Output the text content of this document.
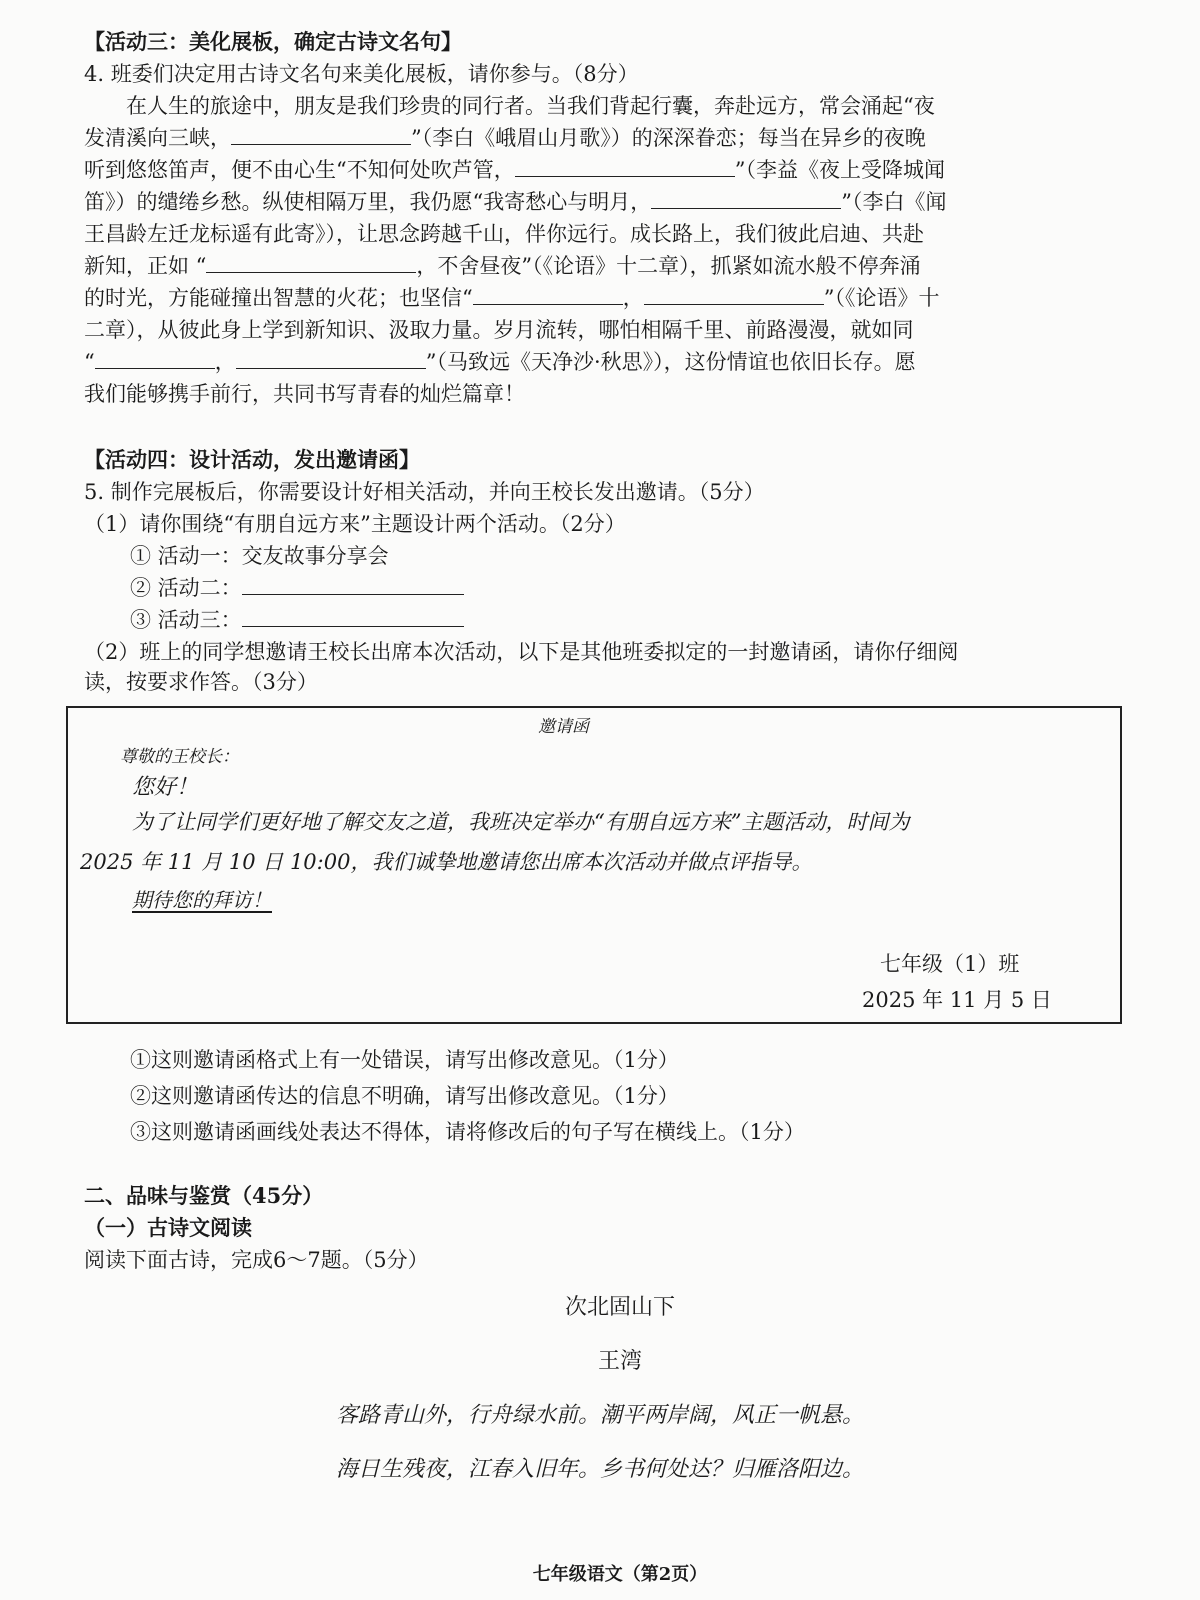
【活动三：美化展板，确定古诗文名句】
4. 班委们决定用古诗文名句来美化展板，请你参与。（8分）
在人生的旅途中，朋友是我们珍贵的同行者。当我们背起行囊，奔赴远方，常会涌起“夜
发清溪向三峡，	”（李白《峨眉山月歌》）的深深眷恋；每当在异乡的夜晚
听到悠悠笛声，便不由心生“不知何处吹芦管，	”（李益《夜上受降城闻
笛》）的缱绻乡愁。纵使相隔万里，我仍愿“我寄愁心与明月，	”（李白《闻
王昌龄左迁龙标遥有此寄》），让思念跨越千山，伴你远行。成长路上，我们彼此启迪、共赴
新知，正如 “	，不舍昼夜”（《论语》十二章），抓紧如流水般不停奔涌
的时光，方能碰撞出智慧的火花；也坚信“	，	”（《论语》十
二章），从彼此身上学到新知识、汲取力量。岁月流转，哪怕相隔千里、前路漫漫，就如同
“	，	”（马致远《天净沙·秋思》），这份情谊也依旧长存。愿
我们能够携手前行，共同书写青春的灿烂篇章！
【活动四：设计活动，发出邀请函】
5. 制作完展板后，你需要设计好相关活动，并向王校长发出邀请。（5分）
（1）请你围绕“有朋自远方来”主题设计两个活动。（2分）
① 活动一：交友故事分享会
② 活动二：
③ 活动三：
（2）班上的同学想邀请王校长出席本次活动，以下是其他班委拟定的一封邀请函，请你仔细阅
读，按要求作答。（3分）
邀请函
尊敬的王校长：
您好！
为了让同学们更好地了解交友之道，我班决定举办“有朋自远方来”主题活动，时间为
2025 年 11 月 10 日 10:00，我们诚挚地邀请您出席本次活动并做点评指导。
期待您的拜访！
七年级（1）班
2025 年 11 月 5 日
①这则邀请函格式上有一处错误，请写出修改意见。（1分）
②这则邀请函传达的信息不明确，请写出修改意见。（1分）
③这则邀请函画线处表达不得体，请将修改后的句子写在横线上。（1分）
二、品味与鉴赏（45分）
（一）古诗文阅读
阅读下面古诗，完成6～7题。（5分）
次北固山下
王湾
客路青山外，行舟绿水前。潮平两岸阔，风正一帆悬。
海日生残夜，江春入旧年。乡书何处达？归雁洛阳边。
七年级语文（第2页）
